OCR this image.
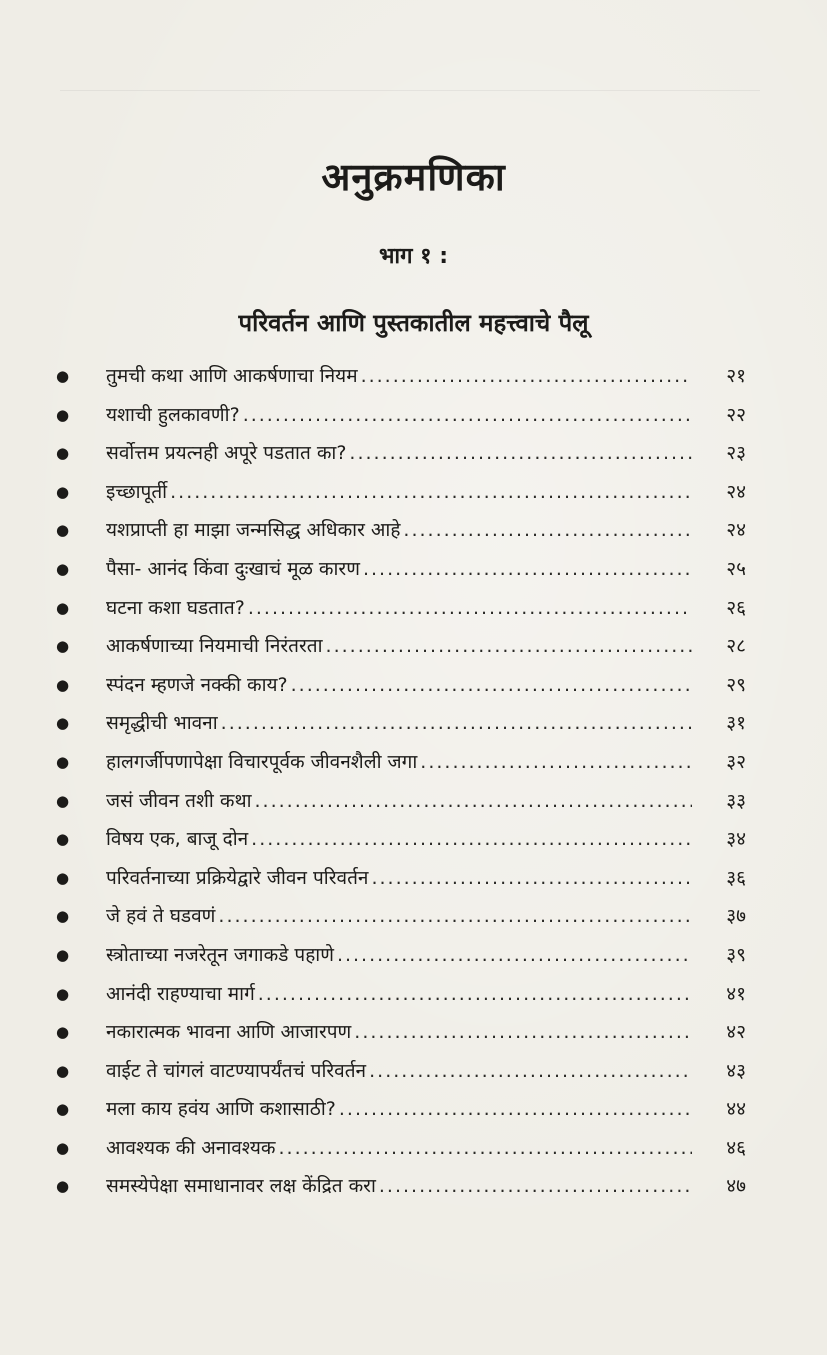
अनुक्रमणिका
भाग १ :
परिवर्तन आणि पुस्तकातील महत्त्वाचे पैलू
●	तुमची कथा आणि आकर्षणाचा नियम .....	२१
●	यशाची हुलकावणी? .....	२२
●	सर्वोत्तम प्रयत्नही अपूरे पडतात का? .....	२३
●	इच्छापूर्ती .....	२४
●	यशप्राप्ती हा माझा जन्मसिद्ध अधिकार आहे .....	२४
●	पैसा- आनंद किंवा दुःखाचं मूळ कारण .....	२५
●	घटना कशा घडतात? .....	२६
●	आकर्षणाच्या नियमाची निरंतरता .....	२८
●	स्पंदन म्हणजे नक्की काय? .....	२९
●	समृद्धीची भावना .....	३१
●	हालगर्जीपणापेक्षा विचारपूर्वक जीवनशैली जगा .....	३२
●	जसं जीवन तशी कथा .....	३३
●	विषय एक, बाजू दोन .....	३४
●	परिवर्तनाच्या प्रक्रियेद्वारे जीवन परिवर्तन .....	३६
●	जे हवं ते घडवणं .....	३७
●	स्त्रोताच्या नजरेतून जगाकडे पहाणे .....	३९
●	आनंदी राहण्याचा मार्ग .....	४१
●	नकारात्मक भावना आणि आजारपण .....	४२
●	वाईट ते चांगलं वाटण्यापर्यंतचं परिवर्तन .....	४३
●	मला काय हवंय आणि कशासाठी? .....	४४
●	आवश्यक की अनावश्यक .....	४६
●	समस्येपेक्षा समाधानावर लक्ष केंद्रित करा .....	४७
